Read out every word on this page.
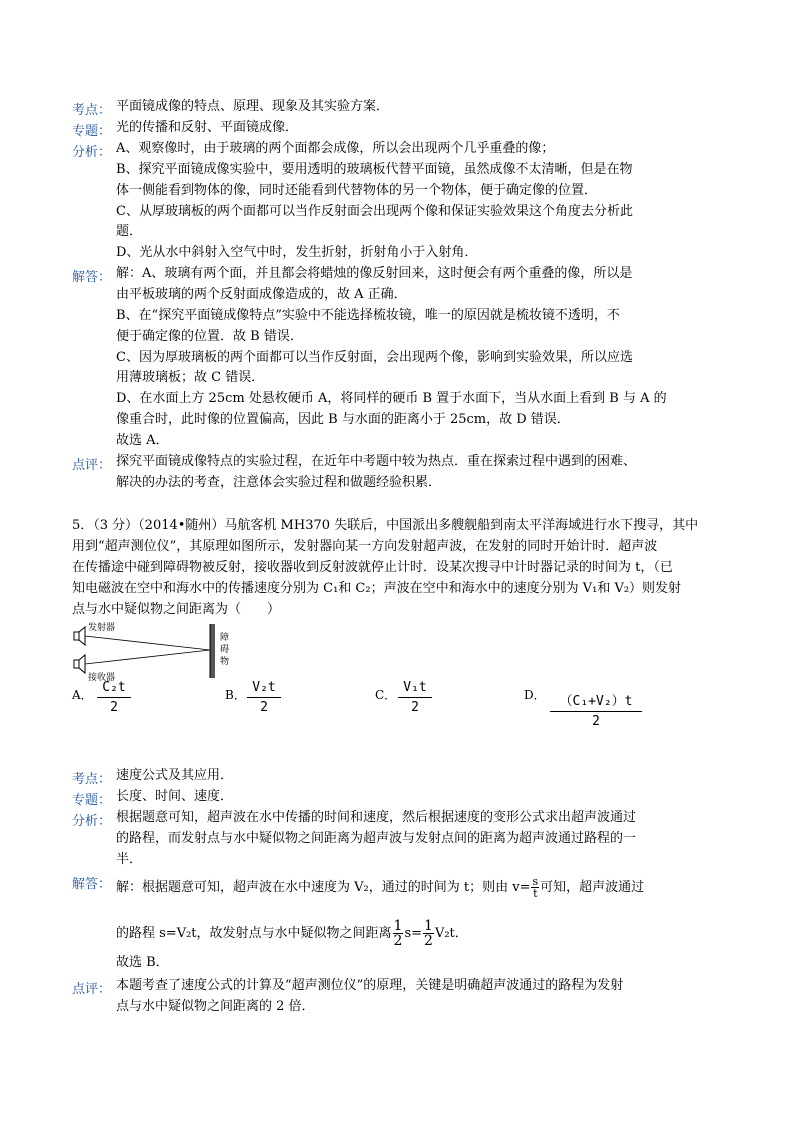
考点： 平面镜成像的特点、原理、现象及其实验方案．
专题： 光的传播和反射、平面镜成像．
分析： A、观察像时，由于玻璃的两个面都会成像，所以会出现两个几乎重叠的像；
B、探究平面镜成像实验中，要用透明的玻璃板代替平面镜，虽然成像不太清晰，但是在物
体一侧能看到物体的像，同时还能看到代替物体的另一个物体，便于确定像的位置．
C、从厚玻璃板的两个面都可以当作反射面会出现两个像和保证实验效果这个角度去分析此
题．
D、光从水中斜射入空气中时，发生折射，折射角小于入射角．
解答： 解：A、玻璃有两个面，并且都会将蜡烛的像反射回来，这时便会有两个重叠的像，所以是
由平板玻璃的两个反射面成像造成的，故 A 正确．
B、在“探究平面镜成像特点”实验中不能选择梳妆镜，唯一的原因就是梳妆镜不透明，不
便于确定像的位置．故 B 错误．
C、因为厚玻璃板的两个面都可以当作反射面，会出现两个像，影响到实验效果，所以应选
用薄玻璃板；故 C 错误．
D、在水面上方 25cm 处悬枚硬币 A，将同样的硬币 B 置于水面下，当从水面上看到 B 与 A 的
像重合时，此时像的位置偏高，因此 B 与水面的距离小于 25cm，故 D 错误．
故选 A．
点评： 探究平面镜成像特点的实验过程，在近年中考题中较为热点．重在探索过程中遇到的困难、
解决的办法的考查，注意体会实验过程和做题经验积累．
5．（3 分）（2014•随州）马航客机 MH370 失联后，中国派出多艘舰船到南太平洋海域进行水下搜寻，其中
用到“超声测位仪”，其原理如图所示，发射器向某一方向发射超声波，在发射的同时开始计时．超声波
在传播途中碰到障碍物被反射，接收器收到反射波就停止计时．设某次搜寻中计时器记录的时间为 t，（已
知电磁波在空中和海水中的传播速度分别为 C₁和 C₂；声波在空中和海水中的速度分别为 V₁和 V₂）则发射
点与水中疑似物之间距离为（　　）
发射器
接收器
障
碍
物
A． $\frac{\text{C₂t}}{2}$	B． $\frac{\text{V₂t}}{2}$	C． $\frac{\text{V₁t}}{2}$	D． $\frac{\text{（C₁+V₂）t}}{2}$
考点： 速度公式及其应用．
专题： 长度、时间、速度．
分析： 根据题意可知，超声波在水中传播的时间和速度，然后根据速度的变形公式求出超声波通过
的路程，而发射点与水中疑似物之间距离为超声波与发射点间的距离为超声波通过路程的一
半．
解答： 解：根据题意可知，超声波在水中速度为 V₂，通过的时间为 t；则由 $v= \frac{s}{t}$ 可知，超声波通过
的路程 s=V₂t，故发射点与水中疑似物之间距离 $\frac{1}{2} s= \frac{1}{2} V_2t$．
故选 B．
点评： 本题考查了速度公式的计算及“超声测位仪”的原理，关键是明确超声波通过的路程为发射
点与水中疑似物之间距离的 2 倍．
